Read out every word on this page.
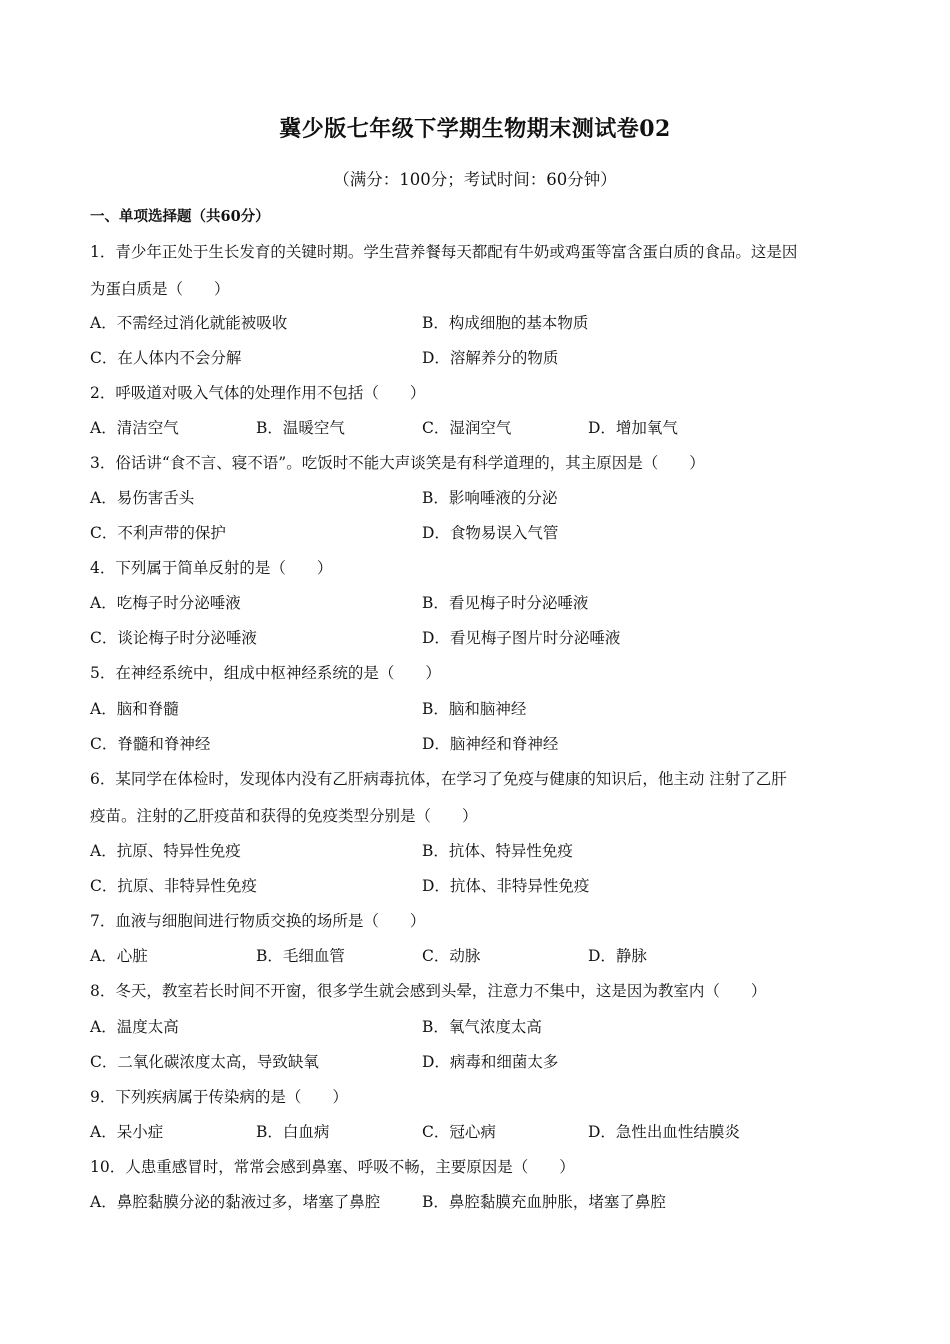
冀少版七年级下学期生物期末测试卷02
（满分：100分；考试时间：60分钟）
一、单项选择题（共60分）
1．青少年正处于生长发育的关键时期。学生营养餐每天都配有牛奶或鸡蛋等富含蛋白质的食品。这是因
为蛋白质是（　　）
A．不需经过消化就能被吸收	B．构成细胞的基本物质
C．在人体内不会分解	D．溶解养分的物质
2．呼吸道对吸入气体的处理作用不包括（　　）
A．清洁空气	B．温暖空气	C．湿润空气	D．增加氧气
3．俗话讲“食不言、寝不语”。吃饭时不能大声谈笑是有科学道理的，其主原因是（　　）
A．易伤害舌头	B．影响唾液的分泌
C．不利声带的保护	D．食物易误入气管
4．下列属于简单反射的是（　　）
A．吃梅子时分泌唾液	B．看见梅子时分泌唾液
C．谈论梅子时分泌唾液	D．看见梅子图片时分泌唾液
5．在神经系统中，组成中枢神经系统的是（　　）
A．脑和脊髓	B．脑和脑神经
C．脊髓和脊神经	D．脑神经和脊神经
6．某同学在体检时，发现体内没有乙肝病毒抗体，在学习了免疫与健康的知识后，他主动 注射了乙肝
疫苗。注射的乙肝疫苗和获得的免疫类型分别是（　　）
A．抗原、特异性免疫	B．抗体、特异性免疫
C．抗原、非特异性免疫	D．抗体、非特异性免疫
7．血液与细胞间进行物质交换的场所是（　　）
A．心脏	B．毛细血管	C．动脉	D．静脉
8．冬天，教室若长时间不开窗，很多学生就会感到头晕，注意力不集中，这是因为教室内（　　）
A．温度太高	B．氧气浓度太高
C．二氧化碳浓度太高，导致缺氧	D．病毒和细菌太多
9．下列疾病属于传染病的是（　　）
A．呆小症	B．白血病	C．冠心病	D．急性出血性结膜炎
10．人患重感冒时，常常会感到鼻塞、呼吸不畅，主要原因是（　　）
A．鼻腔黏膜分泌的黏液过多，堵塞了鼻腔	B．鼻腔黏膜充血肿胀，堵塞了鼻腔
